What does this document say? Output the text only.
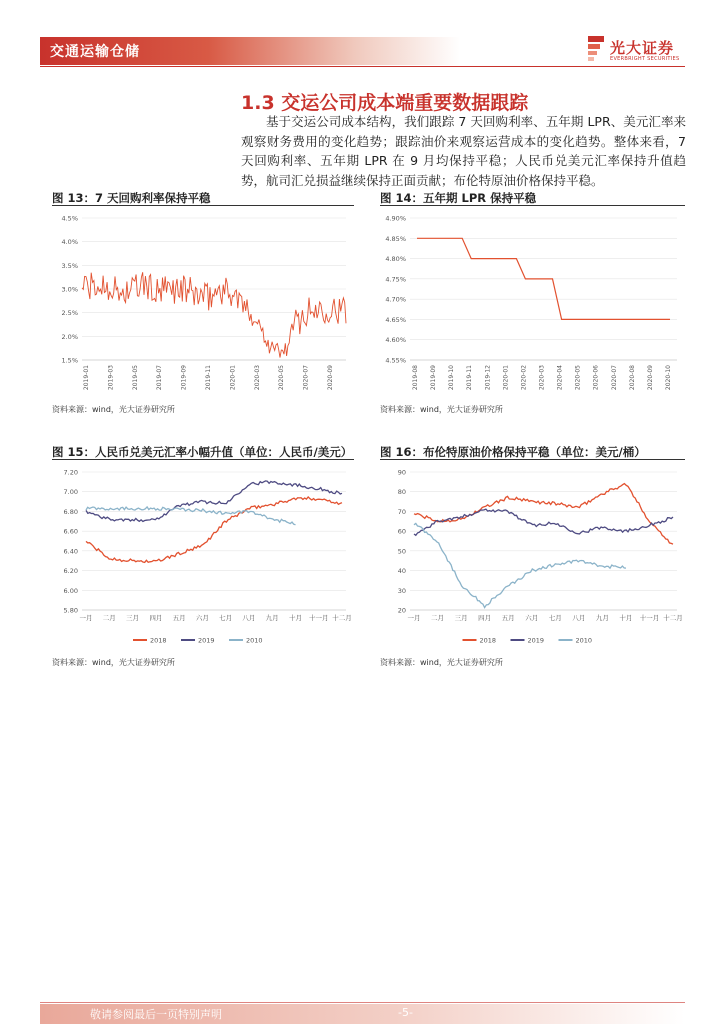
交通运输仓储	光大证券
EVERBRIGHT SECURITIES
1.3 交运公司成本端重要数据跟踪
基于交运公司成本结构，我们跟踪 7 天回购利率、五年期 LPR、美元汇率来观察财务费用的变化趋势；跟踪油价来观察运营成本的变化趋势。整体来看，7 天回购利率、五年期 LPR 在 9 月均保持平稳；人民币兑美元汇率保持升值趋势，航司汇兑损益继续保持正面贡献；布伦特原油价格保持平稳。
图 13：7 天回购利率保持平稳	图 14：五年期 LPR 保持平稳
图 15：人民币兑美元汇率小幅升值（单位：人民币/美元） 图 16：布伦特原油价格保持平稳（单位：美元/桶）
1.5%
2.0%
2.5%
3.0%
3.5%
4.0%
4.5%
2019-01	2019-03	2019-05	2019-07	2019-09	2019-11	2020-01	2020-03	2020-05	2020-07	2020-09
4.55%
4.60%
4.65%
4.70%
4.75%
4.80%
4.85%
4.90%
2019-08 2019-09 2019-10 2019-11 2019-12 2020-01 2020-02 2020-03 2020-04 2020-05 2020-06 2020-07 2020-08 2020-09 2020-10
5.80
6.00
6.20
6.40
6.60
6.80
7.00
7.20
一月 二月 三月 四月 五月 六月 七月 八月 九月 十月 十一月 十二月
2018	2019	2010
20
30
40
50
60
70
80
90
一月 二月 三月 四月 五月 六月 七月 八月 九月 十月 十一月 十二月
2018	2019	2010
资料来源：wind，光大证券研究所	资料来源：wind，光大证券研究所
资料来源：wind，光大证券研究所	资料来源：wind，光大证券研究所
敬请参阅最后一页特别声明	-5-
